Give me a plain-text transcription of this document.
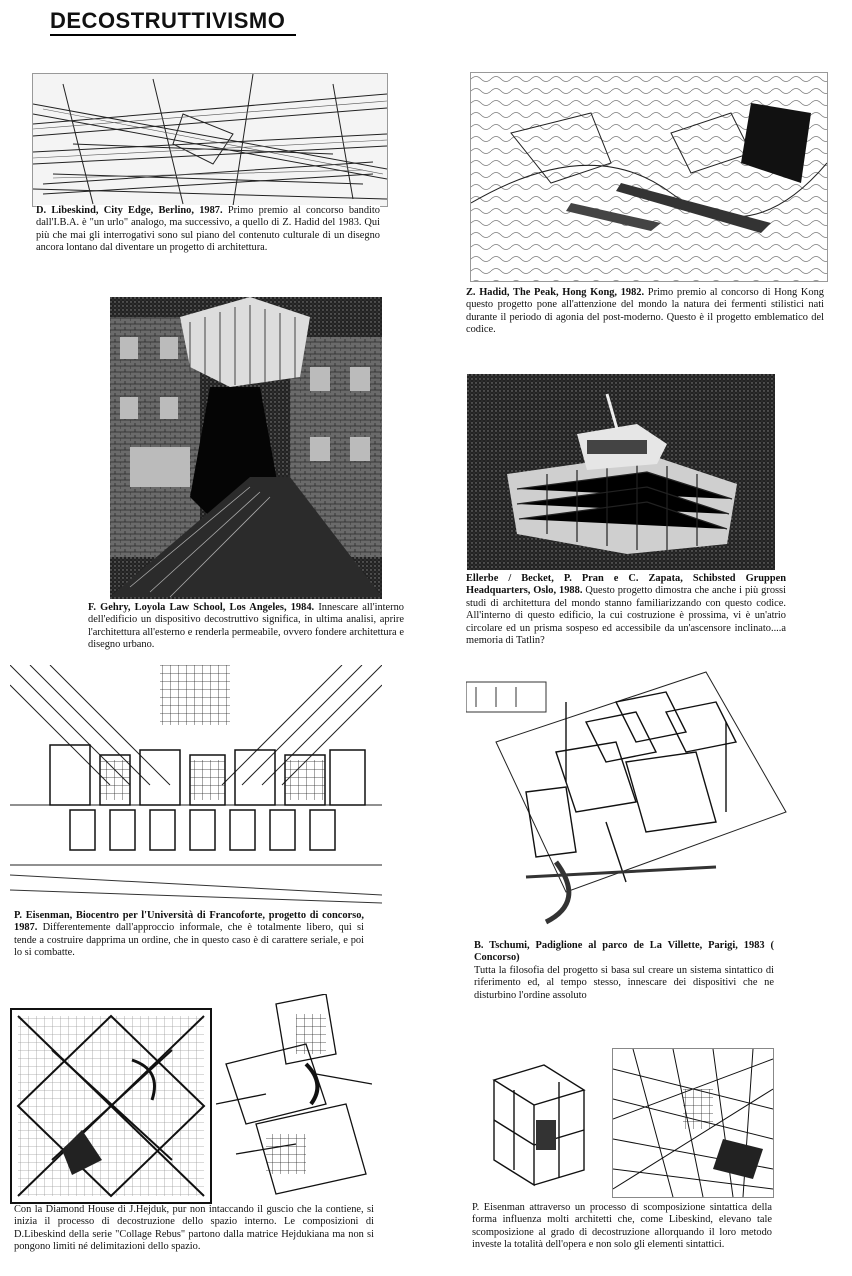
DECOSTRUTTIVISMO
D. Libeskind, City Edge, Berlino, 1987. Primo premio al concorso bandito dall'I.B.A. è "un urlo" analogo, ma successivo, a quello di Z. Hadid del 1983. Qui più che mai gli interrogativi sono sul piano del contenuto culturale di un disegno ancora lontano dal diventare un progetto di architettura.
Z. Hadid, The Peak, Hong Kong, 1982. Primo premio al concorso di Hong Kong questo progetto pone all'attenzione del mondo la natura dei fermenti stilistici nati durante il periodo di agonia del post-moderno. Questo è il progetto emblematico del codice.
F. Gehry, Loyola Law School, Los Angeles, 1984. Innescare all'interno dell'edificio un dispositivo decostruttivo significa, in ultima analisi, aprire l'architettura all'esterno e renderla permeabile, ovvero fondere architettura e disegno urbano.
Ellerbe / Becket, P. Pran e C. Zapata, Schibsted Gruppen Headquarters, Oslo, 1988. Questo progetto dimostra che anche i più grossi studi di architettura del mondo stanno familiarizzando con questo codice. All'interno di questo edificio, la cui costruzione è prossima, vi è un'atrio circolare ed un prisma sospeso ed accessibile da un'ascensore inclinato....a memoria di Tatlin?
P. Eisenman, Biocentro per l'Università di Francoforte, progetto di concorso, 1987. Differentemente dall'approccio informale, che è totalmente libero, qui si tende a costruire dapprima un ordine, che in questo caso è di carattere seriale, e poi lo si combatte.
B. Tschumi, Padiglione al parco de La Villette, Parigi, 1983 ( Concorso)
Tutta la filosofia del progetto si basa sul creare un sistema sintattico di riferimento ed, al tempo stesso, innescare dei dispositivi che ne disturbino l'ordine assoluto
Con la Diamond House di J.Hejduk, pur non intaccando il guscio che la contiene, si inizia il processo di decostruzione dello spazio interno. Le composizioni di D.Libeskind della serie "Collage Rebus" partono dalla matrice Hejdukiana ma non si pongono limiti né delimitazioni dello spazio.
P. Eisenman attraverso un processo di scomposizione sintattica della forma influenza molti architetti che, come Libeskind, elevano tale scomposizione al grado di decostruzione allorquando il loro metodo investe la totalità dell'opera e non solo gli elementi sintattici.
